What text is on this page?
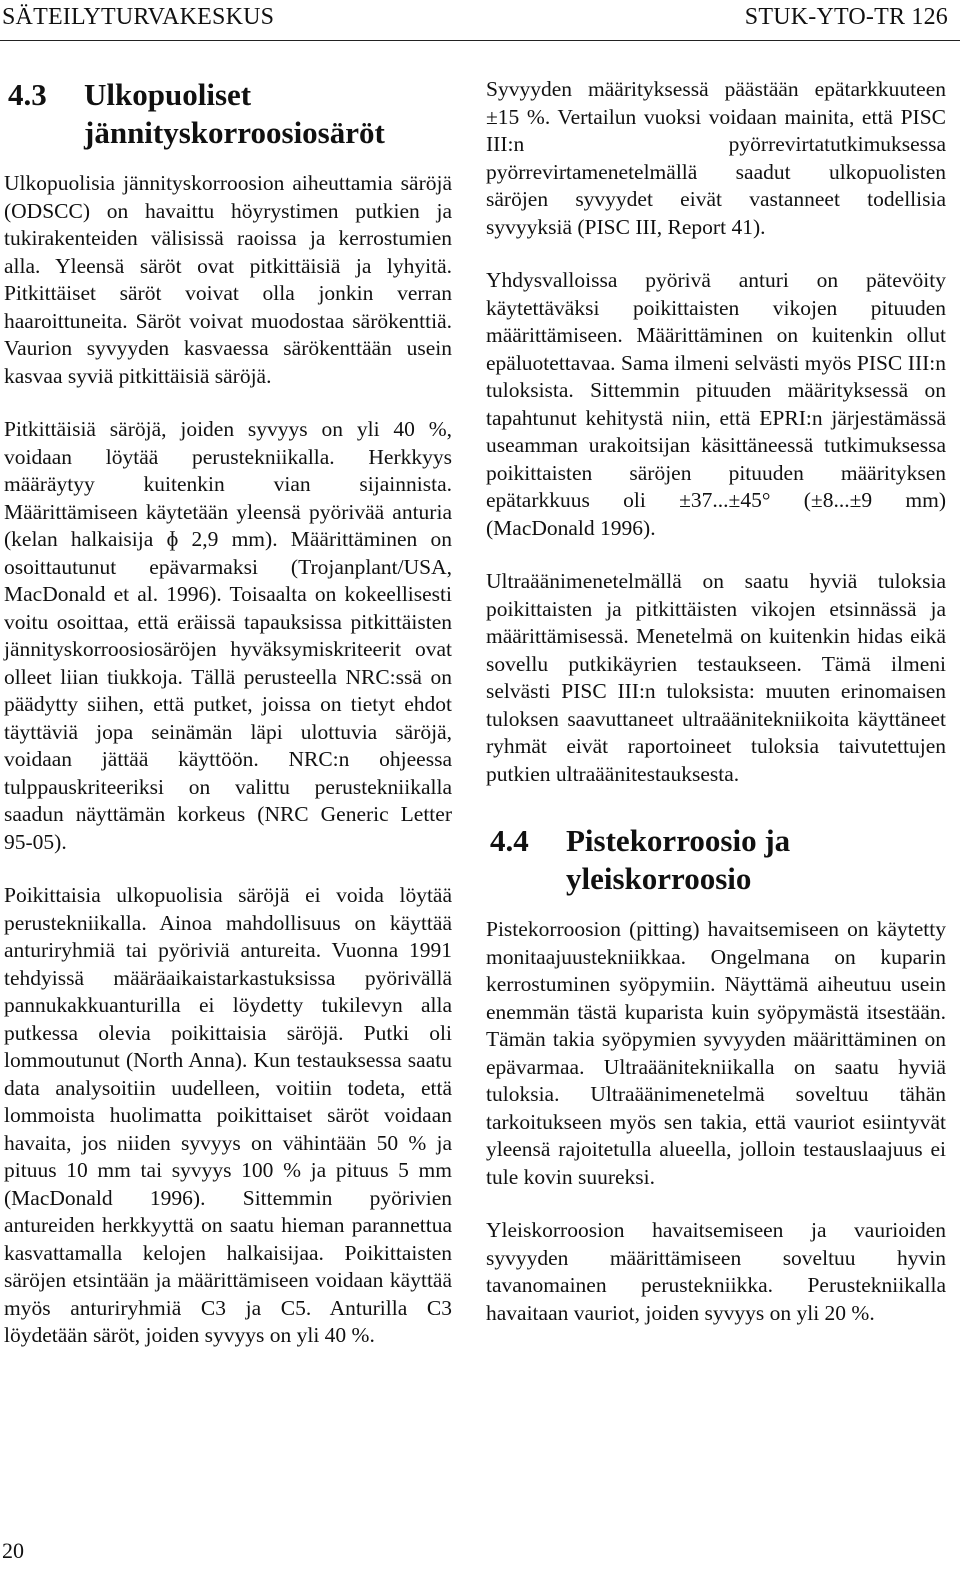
SÄTEILYTURVAKESKUS	STUK-YTO-TR 126
4.3	Ulkopuoliset jännityskorroosiosäröt

Ulkopuolisia jännityskorroosion aiheuttamia säröjä (ODSCC) on havaittu höyrystimen putkien ja tukirakenteiden välisissä raoissa ja kerrostumien alla. Yleensä säröt ovat pitkittäisiä ja lyhyitä. Pitkittäiset säröt voivat olla jonkin verran haaroittuneita. Säröt voivat muodostaa särökenttiä. Vaurion syvyyden kasvaessa särökenttään usein kasvaa syviä pitkittäisiä säröjä.

Pitkittäisiä säröjä, joiden syvyys on yli 40 %, voidaan löytää perustekniikalla. Herkkyys määräytyy kuitenkin vian sijainnista. Määrittämiseen käytetään yleensä pyörivää anturia (kelan halkaisija ɸ 2,9 mm). Määrittäminen on osoittautunut epävarmaksi (Trojanplant/USA, MacDonald et al. 1996). Toisaalta on kokeellisesti voitu osoittaa, että eräissä tapauksissa pitkittäisten jännityskorroosiosäröjen hyväksymiskriteerit ovat olleet liian tiukkoja. Tällä perusteella NRC:ssä on päädytty siihen, että putket, joissa on tietyt ehdot täyttäviä jopa seinämän läpi ulottuvia säröjä, voidaan jättää käyttöön. NRC:n ohjeessa tulppauskriteeriksi on valittu perustekniikalla saadun näyttämän korkeus (NRC Generic Letter 95-05).

Poikittaisia ulkopuolisia säröjä ei voida löytää perustekniikalla. Ainoa mahdollisuus on käyttää anturiryhmiä tai pyöriviä antureita. Vuonna 1991 tehdyissä määräaikaistarkastuksissa pyörivällä pannukakkuanturilla ei löydetty tukilevyn alla putkessa olevia poikittaisia säröjä. Putki oli lommoutunut (North Anna). Kun testauksessa saatu data analysoitiin uudelleen, voitiin todeta, että lommoista huolimatta poikittaiset säröt voidaan havaita, jos niiden syvyys on vähintään 50 % ja pituus 10 mm tai syvyys 100 % ja pituus 5 mm (MacDonald 1996). Sittemmin pyörivien antureiden herkkyyttä on saatu hieman parannettua kasvattamalla kelojen halkaisijaa. Poikittaisten säröjen etsintään ja määrittämiseen voidaan käyttää myös anturiryhmiä C3 ja C5. Anturilla C3 löydetään säröt, joiden syvyys on yli 40 %.

Syvyyden määrityksessä päästään epätarkkuuteen ±15 %. Vertailun vuoksi voidaan mainita, että PISC III:n pyörrevirtatutkimuksessa pyörrevirtamenetelmällä saadut ulkopuolisten säröjen syvyydet eivät vastanneet todellisia syvyyksiä (PISC III, Report 41).

Yhdysvalloissa pyörivä anturi on pätevöity käytettäväksi poikittaisten vikojen pituuden määrittämiseen. Määrittäminen on kuitenkin ollut epäluotettavaa. Sama ilmeni selvästi myös PISC III:n tuloksista. Sittemmin pituuden määrityksessä on tapahtunut kehitystä niin, että EPRI:n järjestämässä useamman urakoitsijan käsittäneessä tutkimuksessa poikittaisten säröjen pituuden määrityksen epätarkkuus oli ±37...±45° (±8...±9 mm) (MacDonald 1996).

Ultraäänimenetelmällä on saatu hyviä tuloksia poikittaisten ja pitkittäisten vikojen etsinnässä ja määrittämisessä. Menetelmä on kuitenkin hidas eikä sovellu putkikäyrien testaukseen. Tämä ilmeni selvästi PISC III:n tuloksista: muuten erinomaisen tuloksen saavuttaneet ultraäänitekniikoita käyttäneet ryhmät eivät raportoineet tuloksia taivutettujen putkien ultraäänitestauksesta.

4.4	Pistekorroosio ja yleiskorroosio

Pistekorroosion (pitting) havaitsemiseen on käytetty monitaajuustekniikkaa. Ongelmana on kuparin kerrostuminen syöpymiin. Näyttämä aiheutuu usein enemmän tästä kuparista kuin syöpymästä itsestään. Tämän takia syöpymien syvyyden määrittäminen on epävarmaa. Ultraäänitekniikalla on saatu hyviä tuloksia. Ultraäänimenetelmä soveltuu tähän tarkoitukseen myös sen takia, että vauriot esiintyvät yleensä rajoitetulla alueella, jolloin testauslaajuus ei tule kovin suureksi.

Yleiskorroosion havaitsemiseen ja vaurioiden syvyyden määrittämiseen soveltuu hyvin tavanomainen perustekniikka. Perustekniikalla havaitaan vauriot, joiden syvyys on yli 20 %.

20
